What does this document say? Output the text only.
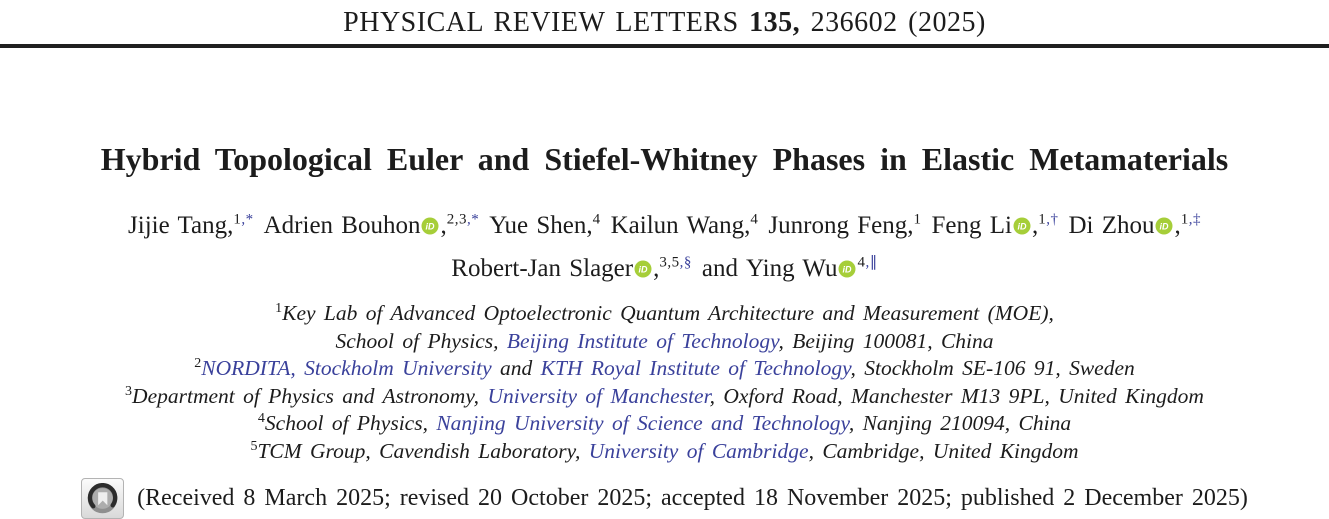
PHYSICAL REVIEW LETTERS 135, 236602 (2025)
Hybrid Topological Euler and Stiefel-Whitney Phases in Elastic Metamaterials
Jijie Tang,$^{1,*}$ Adrien Bouhon iD ,$^{2,3,*}$ Yue Shen,$^4$ Kailun Wang,$^4$ Junrong Feng,$^1$ Feng Li iD ,$^{1,\dagger}$ Di Zhou iD ,$^{1,\ddagger}$
Robert-Jan Slager iD ,$^{3,5,\S}$ and Ying Wu iD $^{4,\parallel}$
$^1$Key Lab of Advanced Optoelectronic Quantum Architecture and Measurement (MOE),
School of Physics, Beijing Institute of Technology, Beijing 100081, China
$^2$NORDITA, Stockholm University and KTH Royal Institute of Technology, Stockholm SE-106 91, Sweden
$^3$Department of Physics and Astronomy, University of Manchester, Oxford Road, Manchester M13 9PL, United Kingdom
$^4$School of Physics, Nanjing University of Science and Technology, Nanjing 210094, China
$^5$TCM Group, Cavendish Laboratory, University of Cambridge, Cambridge, United Kingdom
(Received 8 March 2025; revised 20 October 2025; accepted 18 November 2025; published 2 December 2025)
